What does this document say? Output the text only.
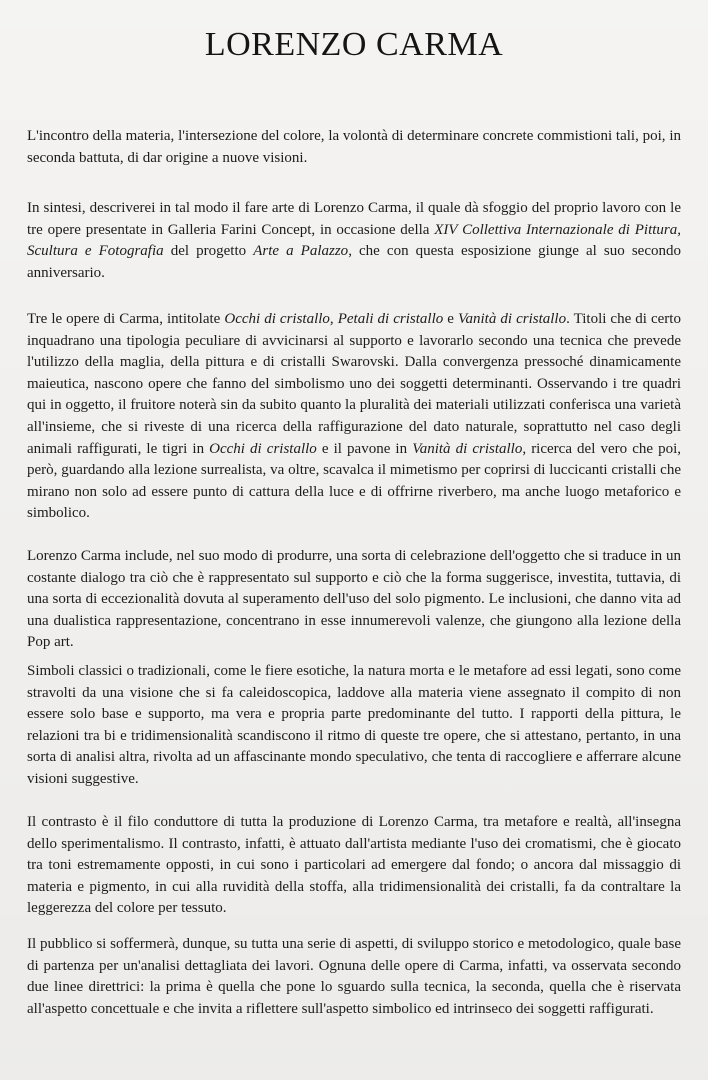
LORENZO CARMA

L'incontro della materia, l'intersezione del colore, la volontà di determinare concrete commistioni tali, poi, in seconda battuta, di dar origine a nuove visioni.

In sintesi, descriverei in tal modo il fare arte di Lorenzo Carma, il quale dà sfoggio del proprio lavoro con le tre opere presentate in Galleria Farini Concept, in occasione della XIV Collettiva Internazionale di Pittura, Scultura e Fotografia del progetto Arte a Palazzo, che con questa esposizione giunge al suo secondo anniversario.

Tre le opere di Carma, intitolate Occhi di cristallo, Petali di cristallo e Vanità di cristallo. Titoli che di certo inquadrano una tipologia peculiare di avvicinarsi al supporto e lavorarlo secondo una tecnica che prevede l'utilizzo della maglia, della pittura e di cristalli Swarovski. Dalla convergenza pressoché dinamicamente maieutica, nascono opere che fanno del simbolismo uno dei soggetti determinanti. Osservando i tre quadri qui in oggetto, il fruitore noterà sin da subito quanto la pluralità dei materiali utilizzati conferisca una varietà all'insieme, che si riveste di una ricerca della raffigurazione del dato naturale, soprattutto nel caso degli animali raffigurati, le tigri in Occhi di cristallo e il pavone in Vanità di cristallo, ricerca del vero che poi, però, guardando alla lezione surrealista, va oltre, scavalca il mimetismo per coprirsi di luccicanti cristalli che mirano non solo ad essere punto di cattura della luce e di offrirne riverbero, ma anche luogo metaforico e simbolico.

Lorenzo Carma include, nel suo modo di produrre, una sorta di celebrazione dell'oggetto che si traduce in un costante dialogo tra ciò che è rappresentato sul supporto e ciò che la forma suggerisce, investita, tuttavia, di una sorta di eccezionalità dovuta al superamento dell'uso del solo pigmento. Le inclusioni, che danno vita ad una dualistica rappresentazione, concentrano in esse innumerevoli valenze, che giungono alla lezione della Pop art.

Simboli classici o tradizionali, come le fiere esotiche, la natura morta e le metafore ad essi legati, sono come stravolti da una visione che si fa caleidoscopica, laddove alla materia viene assegnato il compito di non essere solo base e supporto, ma vera e propria parte predominante del tutto. I rapporti della pittura, le relazioni tra bi e tridimensionalità scandiscono il ritmo di queste tre opere, che si attestano, pertanto, in una sorta di analisi altra, rivolta ad un affascinante mondo speculativo, che tenta di raccogliere e afferrare alcune visioni suggestive.

Il contrasto è il filo conduttore di tutta la produzione di Lorenzo Carma, tra metafore e realtà, all'insegna dello sperimentalismo. Il contrasto, infatti, è attuato dall'artista mediante l'uso dei cromatismi, che è giocato tra toni estremamente opposti, in cui sono i particolari ad emergere dal fondo; o ancora dal missaggio di materia e pigmento, in cui alla ruvidità della stoffa, alla tridimensionalità dei cristalli, fa da contraltare la leggerezza del colore per tessuto.

Il pubblico si soffermerà, dunque, su tutta una serie di aspetti, di sviluppo storico e metodologico, quale base di partenza per un'analisi dettagliata dei lavori. Ognuna delle opere di Carma, infatti, va osservata secondo due linee direttrici: la prima è quella che pone lo sguardo sulla tecnica, la seconda, quella che è riservata all'aspetto concettuale e che invita a riflettere sull'aspetto simbolico ed intrinseco dei soggetti raffigurati.
